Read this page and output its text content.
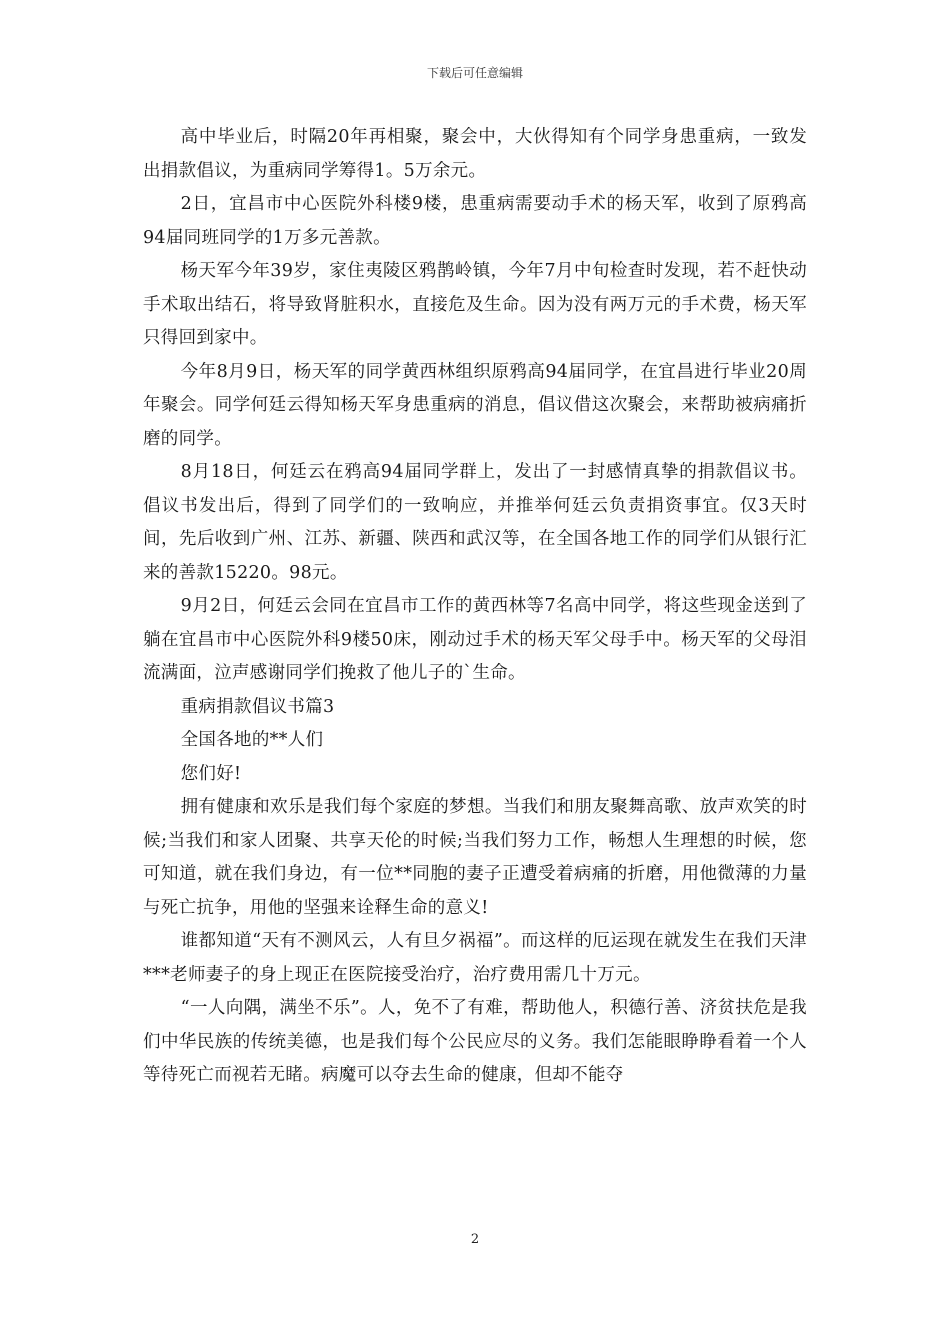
下载后可任意编辑

高中毕业后，时隔20年再相聚，聚会中，大伙得知有个同学身患重病，一致发出捐款倡议，为重病同学筹得1。5万余元。

2日，宜昌市中心医院外科楼9楼，患重病需要动手术的杨天军，收到了原鸦高94届同班同学的1万多元善款。

杨天军今年39岁，家住夷陵区鸦鹊岭镇，今年7月中旬检查时发现，若不赶快动手术取出结石，将导致肾脏积水，直接危及生命。因为没有两万元的手术费，杨天军只得回到家中。

今年8月9日，杨天军的同学黄西林组织原鸦高94届同学，在宜昌进行毕业20周年聚会。同学何廷云得知杨天军身患重病的消息，倡议借这次聚会，来帮助被病痛折磨的同学。

8月18日，何廷云在鸦高94届同学群上，发出了一封感情真挚的捐款倡议书。倡议书发出后，得到了同学们的一致响应，并推举何廷云负责捐资事宜。仅3天时间，先后收到广州、江苏、新疆、陕西和武汉等，在全国各地工作的同学们从银行汇来的善款15220。98元。

9月2日，何廷云会同在宜昌市工作的黄西林等7名高中同学，将这些现金送到了躺在宜昌市中心医院外科9楼50床，刚动过手术的杨天军父母手中。杨天军的父母泪流满面，泣声感谢同学们挽救了他儿子的`生命。

重病捐款倡议书篇3

全国各地的**人们

您们好!

拥有健康和欢乐是我们每个家庭的梦想。当我们和朋友聚舞高歌、放声欢笑的时候;当我们和家人团聚、共享天伦的时候;当我们努力工作，畅想人生理想的时候，您可知道，就在我们身边，有一位**同胞的妻子正遭受着病痛的折磨，用他微薄的力量与死亡抗争，用他的坚强来诠释生命的意义!

谁都知道“天有不测风云，人有旦夕祸福”。而这样的厄运现在就发生在我们天津***老师妻子的身上现正在医院接受治疗，治疗费用需几十万元。

“一人向隅，满坐不乐”。人，免不了有难，帮助他人，积德行善、济贫扶危是我们中华民族的传统美德，也是我们每个公民应尽的义务。我们怎能眼睁睁看着一个人等待死亡而视若无睹。病魔可以夺去生命的健康，但却不能夺

2
